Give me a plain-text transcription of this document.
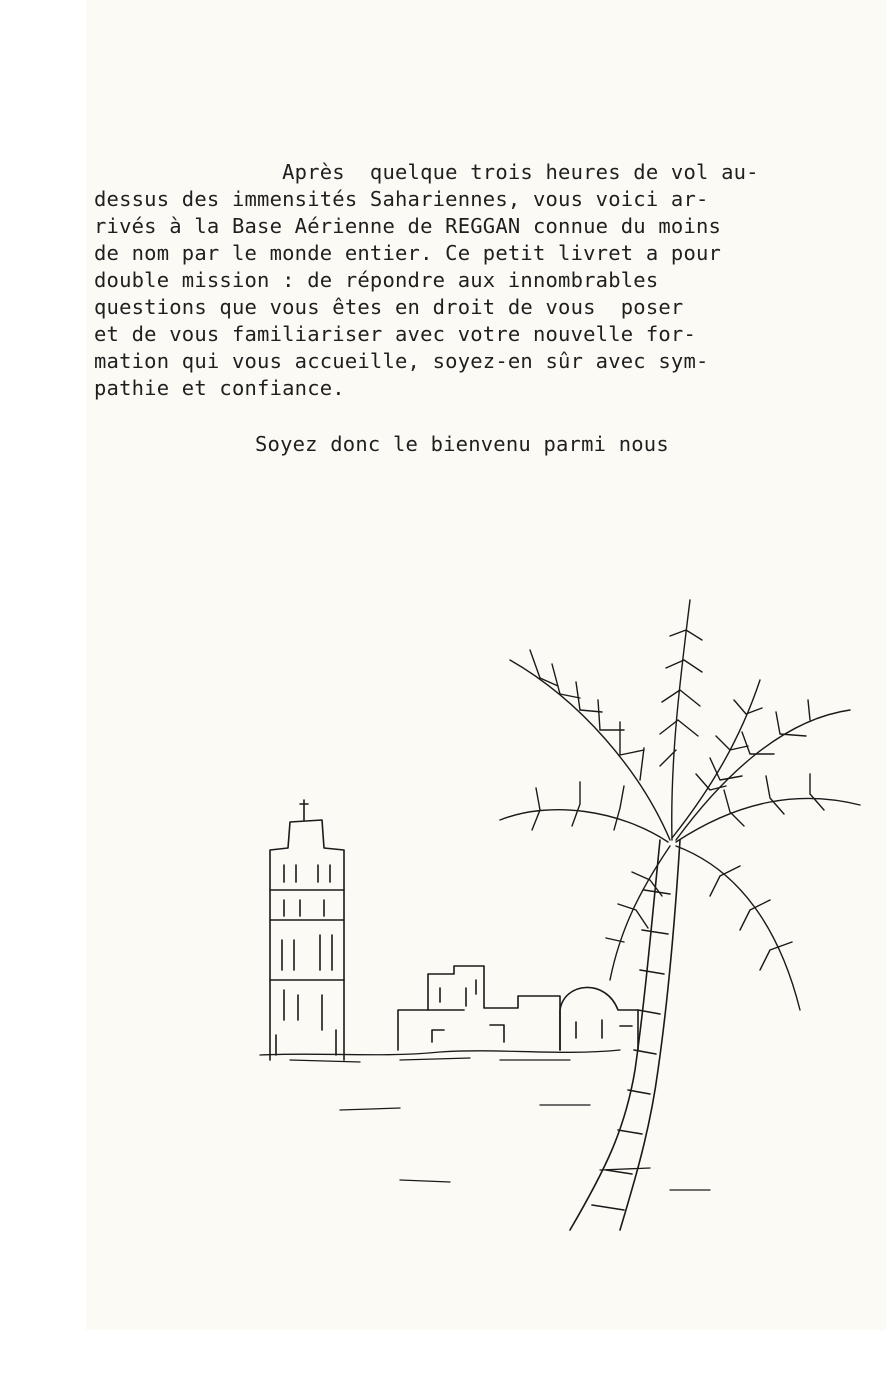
Après  quelque trois heures de vol au-

dessus des immensités Sahariennes, vous voici ar-

rivés à la Base Aérienne de REGGAN connue du moins

de nom par le monde entier. Ce petit livret a pour

double mission : de répondre aux innombrables

questions que vous êtes en droit de vous  poser

et de vous familiariser avec votre nouvelle for-

mation qui vous accueille, soyez-en sûr avec sym-

pathie et confiance.

Soyez donc le bienvenu parmi nous
